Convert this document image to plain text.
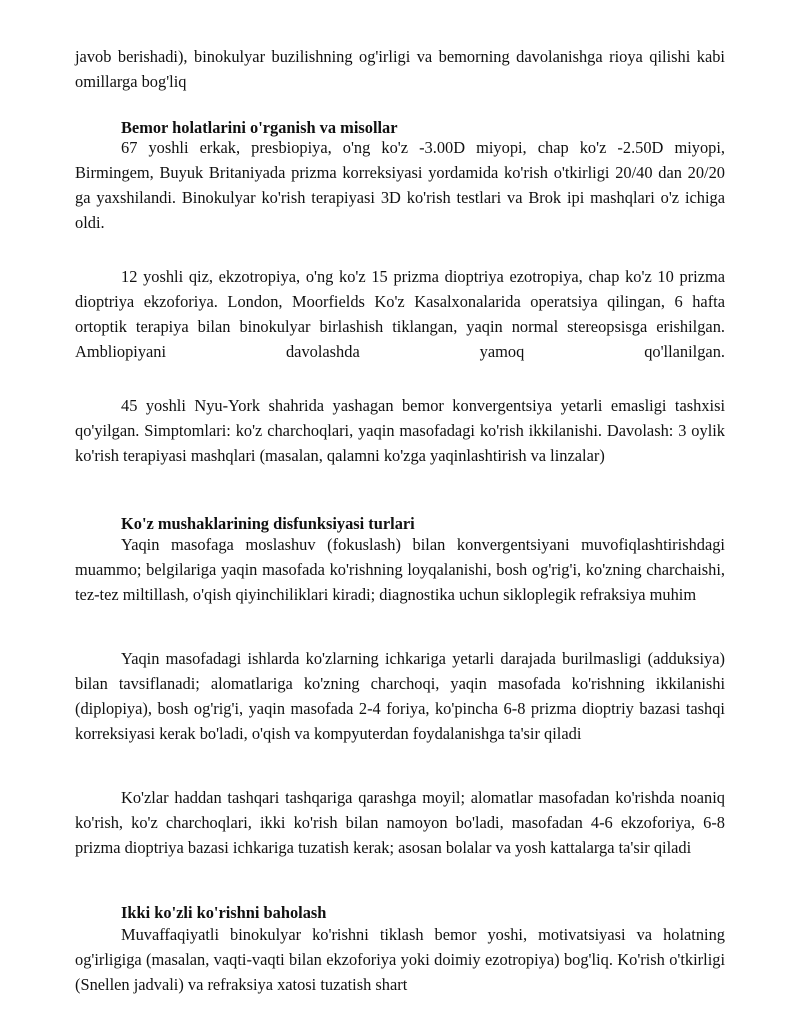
javob berishadi), binokulyar buzilishning og'irligi va bemorning davolanishga rioya qilishi kabi omillarga bog'liq

Bemor holatlarini o'rganish va misollar

67 yoshli erkak, presbiopiya, o'ng ko'z -3.00D miyopi, chap ko'z -2.50D miyopi, Birmingem, Buyuk Britaniyada prizma korreksiyasi yordamida ko'rish o'tkirligi 20/40 dan 20/20 ga yaxshilandi. Binokulyar ko'rish terapiyasi 3D ko'rish testlari va Brok ipi mashqlari o'z ichiga oldi.

12 yoshli qiz, ekzotropiya, o'ng ko'z 15 prizma dioptriya ezotropiya, chap ko'z 10 prizma dioptriya ekzoforiya. London, Moorfields Ko'z Kasalxonalarida operatsiya qilingan, 6 hafta ortoptik terapiya bilan binokulyar birlashish tiklangan, yaqin normal stereopsisga erishilgan. Ambliopiyani davolashda yamoq qo'llanilgan.

45 yoshli Nyu-York shahrida yashagan bemor konvergentsiya yetarli emasligi tashxisi qo'yilgan. Simptomlari: ko'z charchoqlari, yaqin masofadagi ko'rish ikkilanishi. Davolash: 3 oylik ko'rish terapiyasi mashqlari (masalan, qalamni ko'zga yaqinlashtirish va linzalar)

Ko'z mushaklarining disfunksiyasi turlari

Yaqin masofaga moslashuv (fokuslash) bilan konvergentsiyani muvofiqlashtirishdagi muammo; belgilariga yaqin masofada ko'rishning loyqalanishi, bosh og'rig'i, ko'zning charchaishi, tez-tez miltillash, o'qish qiyinchiliklari kiradi; diagnostika uchun sikloplegik refraksiya muhim

Yaqin masofadagi ishlarda ko'zlarning ichkariga yetarli darajada burilmasligi (adduksiya) bilan tavsiflanadi; alomatlariga ko'zning charchoqi, yaqin masofada ko'rishning ikkilanishi (diplopiya), bosh og'rig'i, yaqin masofada 2-4 foriya, ko'pincha 6-8 prizma dioptriy bazasi tashqi korreksiyasi kerak bo'ladi, o'qish va kompyuterdan foydalanishga ta'sir qiladi

Ko'zlar haddan tashqari tashqariga qarashga moyil; alomatlar masofadan ko'rishda noaniq ko'rish, ko'z charchoqlari, ikki ko'rish bilan namoyon bo'ladi, masofadan 4-6 ekzoforiya, 6-8 prizma dioptriya bazasi ichkariga tuzatish kerak; asosan bolalar va yosh kattalarga ta'sir qiladi

Ikki ko'zli ko'rishni baholash

Muvaffaqiyatli binokulyar ko'rishni tiklash bemor yoshi, motivatsiyasi va holatning og'irligiga (masalan, vaqti-vaqti bilan ekzoforiya yoki doimiy ezotropiya) bog'liq. Ko'rish o'tkirligi (Snellen jadvali) va refraksiya xatosi tuzatish shart
